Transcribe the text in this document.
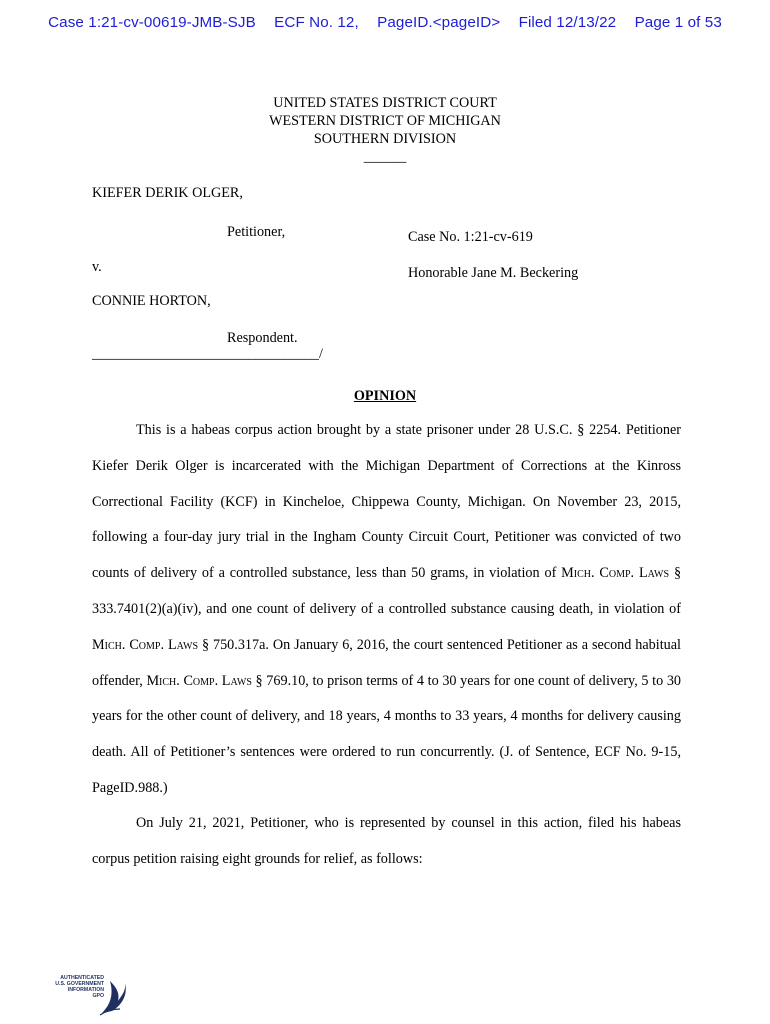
Case 1:21-cv-00619-JMB-SJB ECF No. 12, PageID.<pageID> Filed 12/13/22 Page 1 of 53
UNITED STATES DISTRICT COURT
WESTERN DISTRICT OF MICHIGAN
SOUTHERN DIVISION
______
KIEFER DERIK OLGER,
Petitioner,	Case No. 1:21-cv-619
v.	Honorable Jane M. Beckering
CONNIE HORTON,
Respondent.
________________________________/
OPINION
This is a habeas corpus action brought by a state prisoner under 28 U.S.C. § 2254. Petitioner Kiefer Derik Olger is incarcerated with the Michigan Department of Corrections at the Kinross Correctional Facility (KCF) in Kincheloe, Chippewa County, Michigan. On November 23, 2015, following a four-day jury trial in the Ingham County Circuit Court, Petitioner was convicted of two counts of delivery of a controlled substance, less than 50 grams, in violation of Mich. Comp. Laws § 333.7401(2)(a)(iv), and one count of delivery of a controlled substance causing death, in violation of Mich. Comp. Laws § 750.317a. On January 6, 2016, the court sentenced Petitioner as a second habitual offender, Mich. Comp. Laws § 769.10, to prison terms of 4 to 30 years for one count of delivery, 5 to 30 years for the other count of delivery, and 18 years, 4 months to 33 years, 4 months for delivery causing death. All of Petitioner’s sentences were ordered to run concurrently. (J. of Sentence, ECF No. 9-15, PageID.988.)
On July 21, 2021, Petitioner, who is represented by counsel in this action, filed his habeas corpus petition raising eight grounds for relief, as follows:
AUTHENTICATED
U.S. GOVERNMENT
INFORMATION
GPO
